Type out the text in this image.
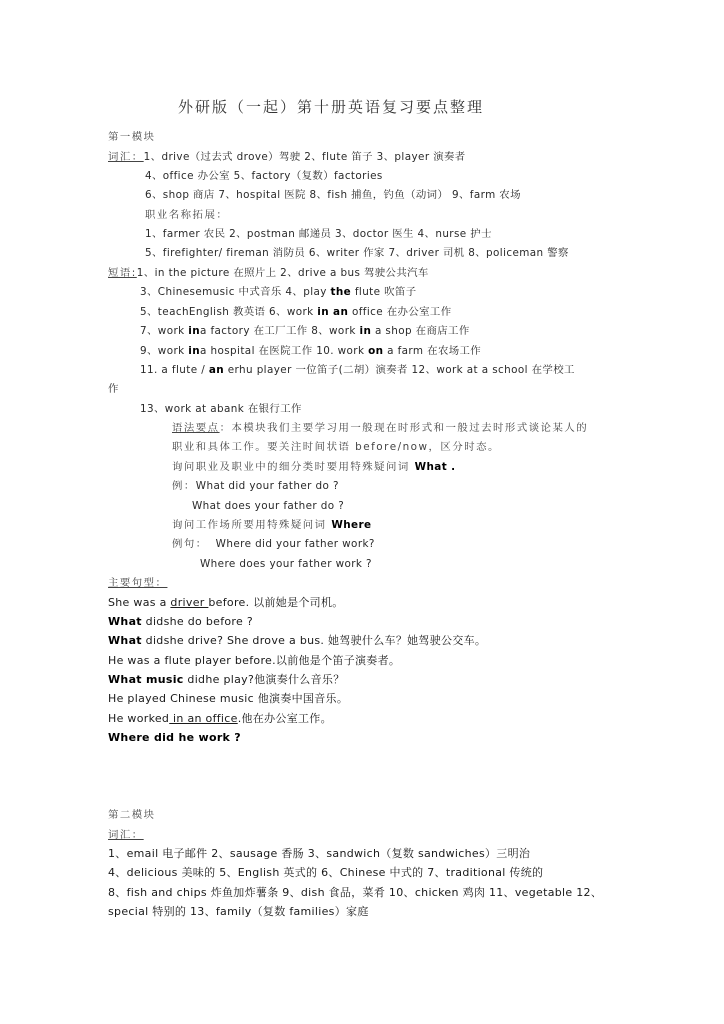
外研版（一起）第十册英语复习要点整理
第一模块
词汇：1、drive（过去式 drove）驾驶 2、flute 笛子 3、player 演奏者
4、office 办公室 5、factory（复数）factories
6、shop 商店 7、hospital 医院 8、fish 捕鱼，钓鱼（动词） 9、farm 农场
职业名称拓展：
1、farmer 农民 2、postman 邮递员 3、doctor 医生 4、nurse 护士
5、firefighter/ fireman 消防员 6、writer 作家 7、driver 司机 8、policeman 警察
短语:1、in the picture 在照片上 2、drive a bus 驾驶公共汽车
3、Chinesemusic 中式音乐 4、play the flute 吹笛子
5、teachEnglish 教英语 6、work in an office 在办公室工作
7、work ina factory 在工厂工作 8、work in a shop 在商店工作
9、work ina hospital 在医院工作 10. work on a farm 在农场工作
11. a flute / an erhu player 一位笛子(二胡）演奏者 12、work at a school 在学校工
作
13、work at abank 在银行工作
语法要点：本模块我们主要学习用一般现在时形式和一般过去时形式谈论某人的
职业和具体工作。要关注时间状语 before/now，区分时态。
询问职业及职业中的细分类时要用特殊疑问词 What .
例：What did your father do ?
What does your father do ?
询问工作场所要用特殊疑问词 Where
例句： Where did your father work?
Where does your father work ?
主要句型：
She was a driver before. 以前她是个司机。
What didshe do before ?
What didshe drive? She drove a bus. 她驾驶什么车？她驾驶公交车。
He was a flute player before.以前他是个笛子演奏者。
What music didhe play?他演奏什么音乐？
He played Chinese music 他演奏中国音乐。
He worked in an office.他在办公室工作。
Where did he work ?
第二模块
词汇：
1、email 电子邮件 2、sausage 香肠 3、sandwich（复数 sandwiches）三明治
4、delicious 美味的 5、English 英式的 6、Chinese 中式的 7、traditional 传统的
8、fish and chips 炸鱼加炸薯条 9、dish 食品，菜肴 10、chicken 鸡肉 11、vegetable 12、
special 特别的 13、family（复数 families）家庭
